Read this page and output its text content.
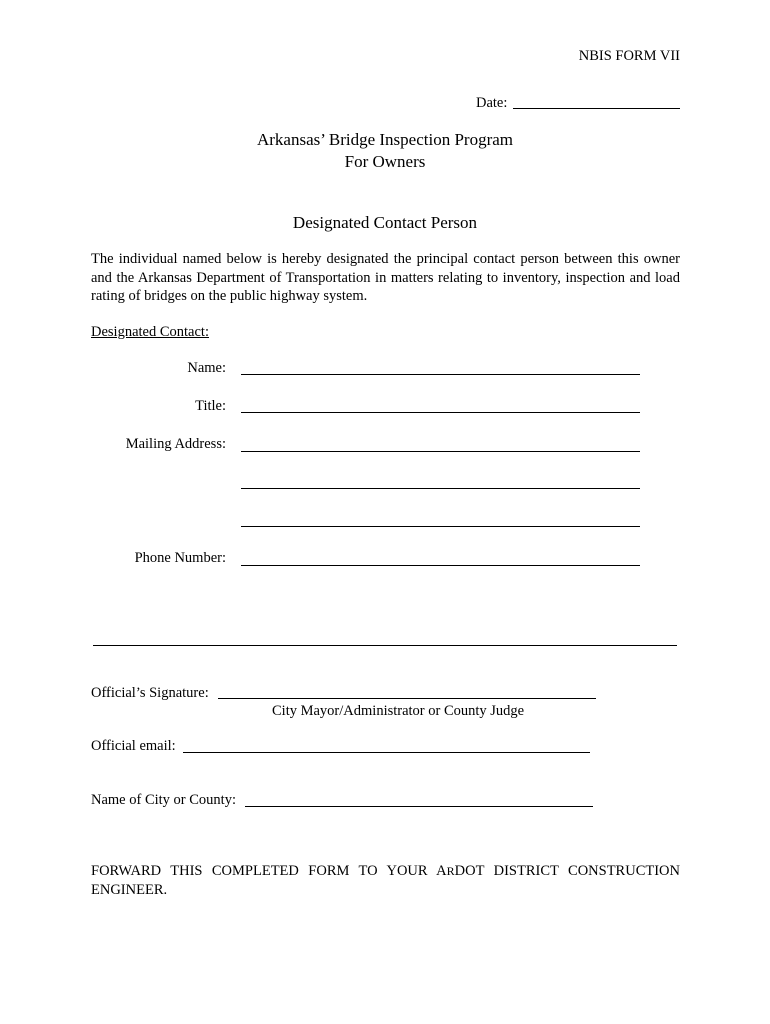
NBIS FORM VII
Date:
Arkansas’ Bridge Inspection Program
For Owners
Designated Contact Person
The individual named below is hereby designated the principal contact person between this owner and the Arkansas Department of Transportation in matters relating to inventory, inspection and load rating of bridges on the public highway system.
Designated Contact:
Name:
Title:
Mailing Address:
Phone Number:
Official’s Signature:
City Mayor/Administrator or County Judge
Official email:
Name of City or County:
FORWARD THIS COMPLETED FORM TO YOUR ARDOT DISTRICT CONSTRUCTION ENGINEER.
